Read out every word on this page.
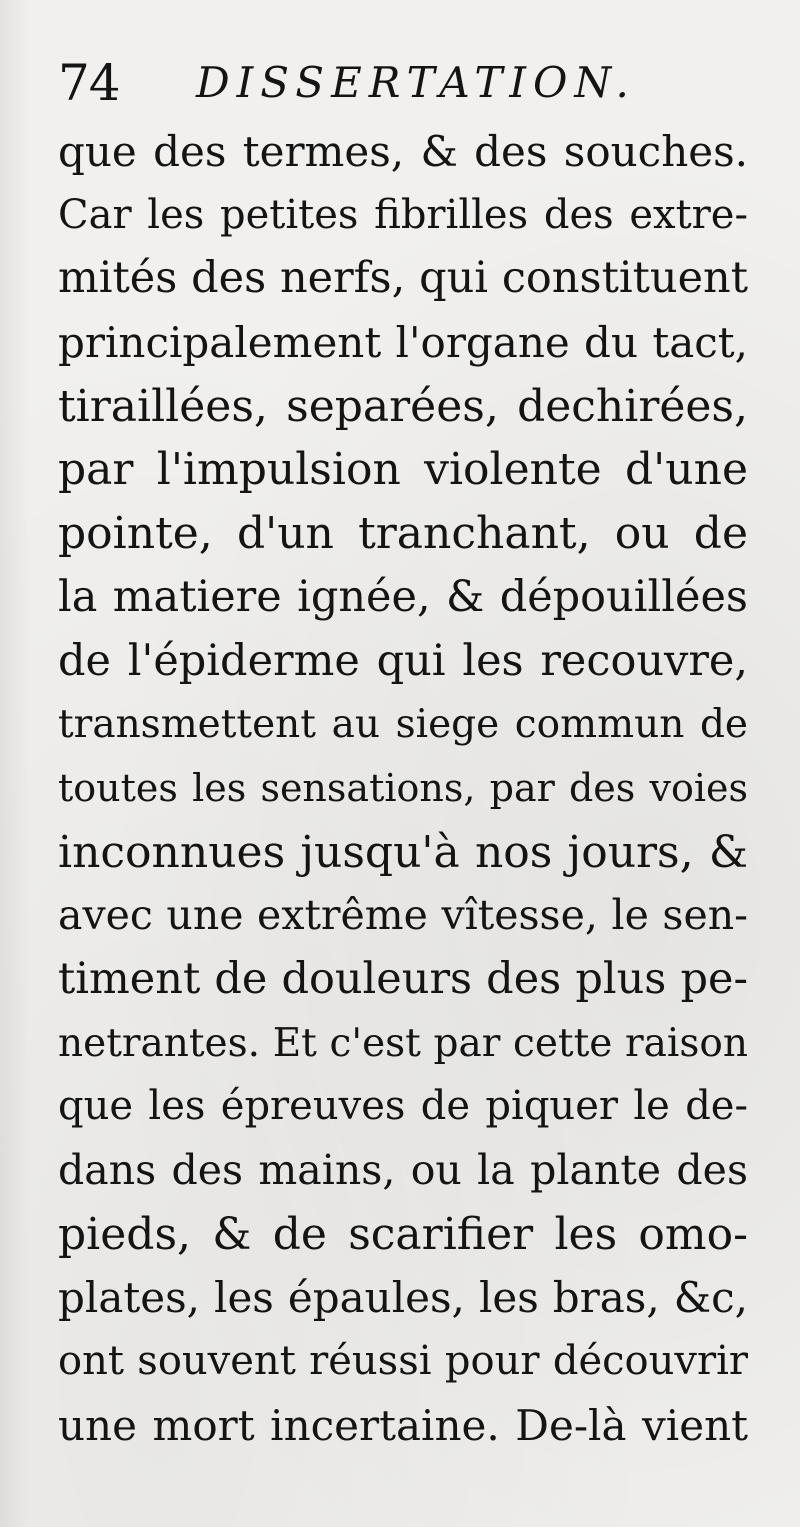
74 DISSERTATION.
que des termes, & des souches.
Car les petites fibrilles des extre-
mités des nerfs, qui constituent
principalement l'organe du tact,
tiraillées, separées, dechirées,
par l'impulsion violente d'une
pointe, d'un tranchant, ou de
la matiere ignée, & dépouillées
de l'épiderme qui les recouvre,
transmettent au siege commun de
toutes les sensations, par des voies
inconnues jusqu'à nos jours, &
avec une extrême vîtesse, le sen-
timent de douleurs des plus pe-
netrantes. Et c'est par cette raison
que les épreuves de piquer le de-
dans des mains, ou la plante des
pieds, & de scarifier les omo-
plates, les épaules, les bras, &c,
ont souvent réussi pour découvrir
une mort incertaine. De-là vient
